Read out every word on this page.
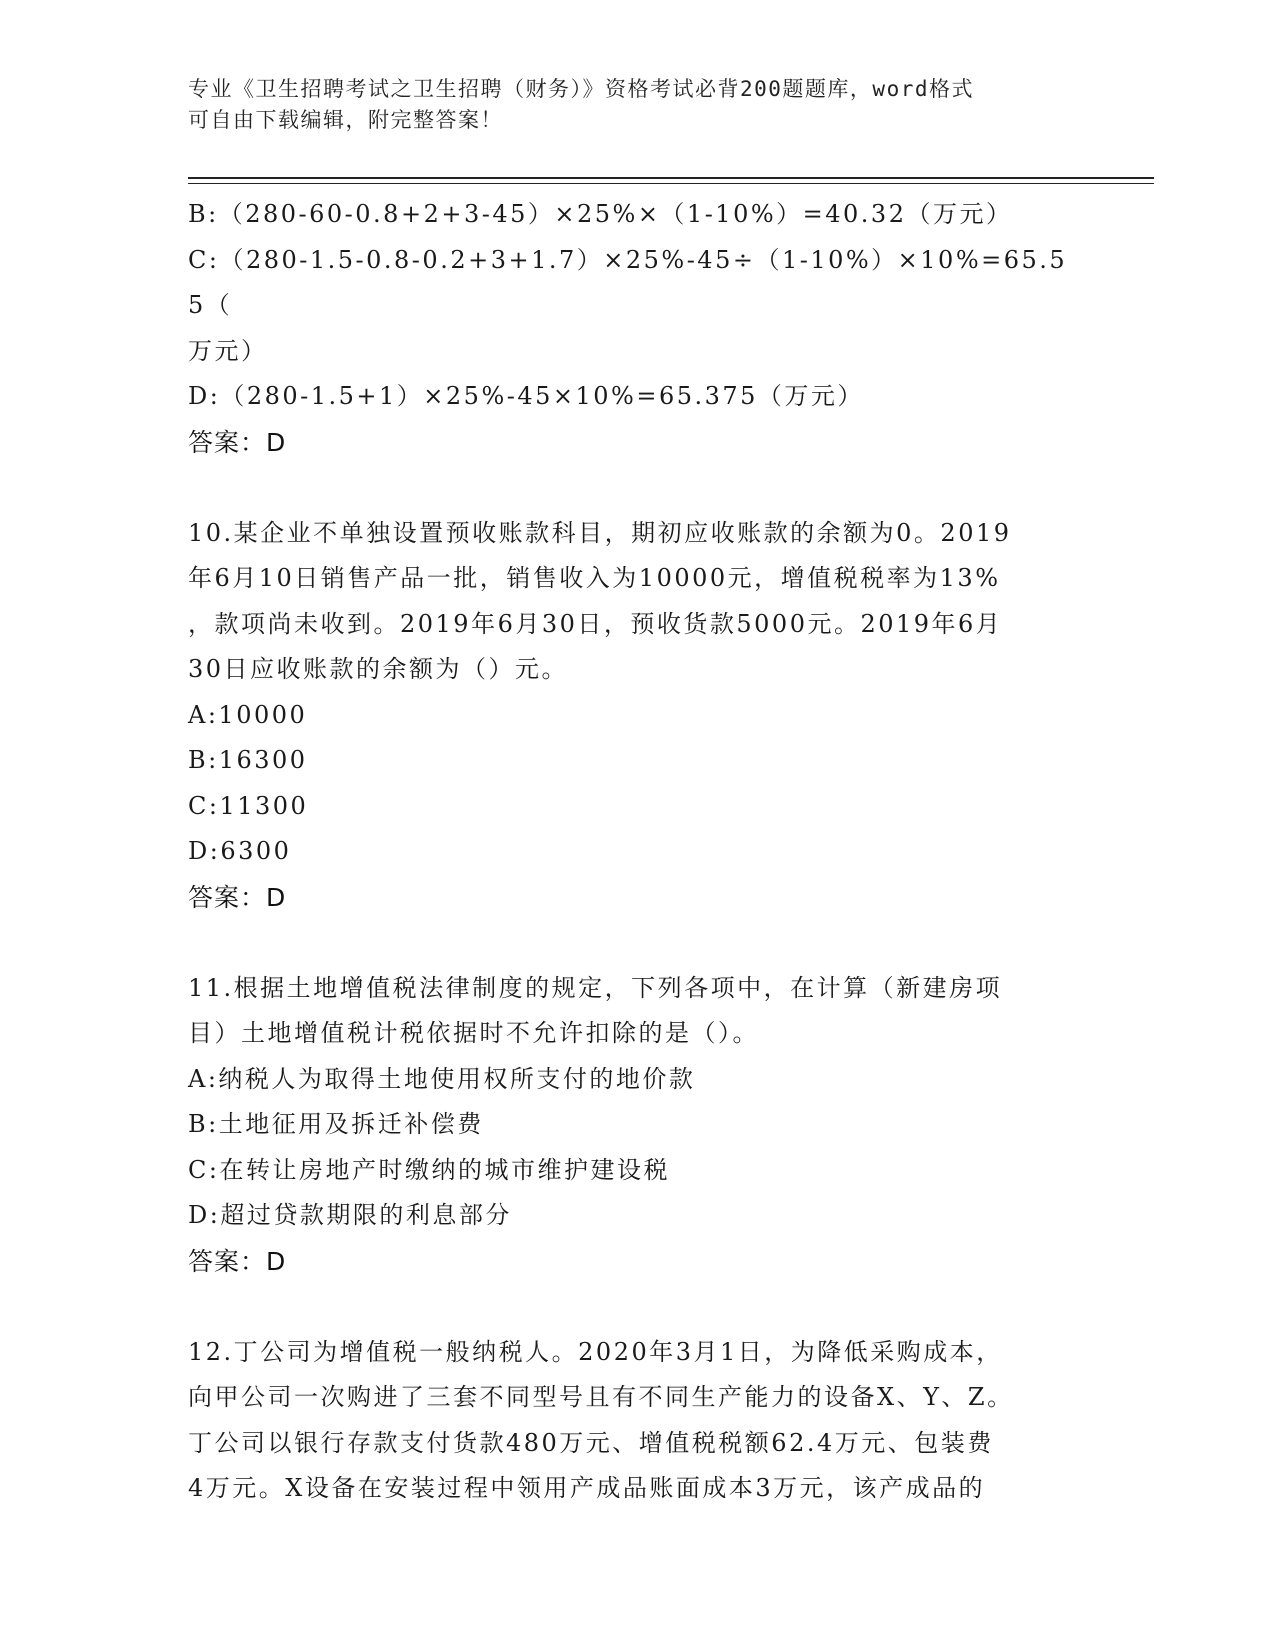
专业《卫生招聘考试之卫生招聘（财务）》资格考试必背200题题库，word格式
可自由下载编辑，附完整答案！
B:（280-60-0.8+2+3-45）×25%×（1-10%）=40.32（万元）
C:（280-1.5-0.8-0.2+3+1.7）×25%-45÷（1-10%）×10%=65.55（
万元）
D:（280-1.5+1）×25%-45×10%=65.375（万元）
答案：D
10.某企业不单独设置预收账款科目，期初应收账款的余额为0。2019
年6月10日销售产品一批，销售收入为10000元，增值税税率为13%
，款项尚未收到。2019年6月30日，预收货款5000元。2019年6月
30日应收账款的余额为（）元。
A:10000
B:16300
C:11300
D:6300
答案：D
11.根据土地增值税法律制度的规定，下列各项中，在计算（新建房项
目）土地增值税计税依据时不允许扣除的是（）。
A:纳税人为取得土地使用权所支付的地价款
B:土地征用及拆迁补偿费
C:在转让房地产时缴纳的城市维护建设税
D:超过贷款期限的利息部分
答案：D
12.丁公司为增值税一般纳税人。2020年3月1日，为降低采购成本，
向甲公司一次购进了三套不同型号且有不同生产能力的设备X、Y、Z。
丁公司以银行存款支付货款480万元、增值税税额62.4万元、包装费
4万元。X设备在安装过程中领用产成品账面成本3万元，该产成品的
